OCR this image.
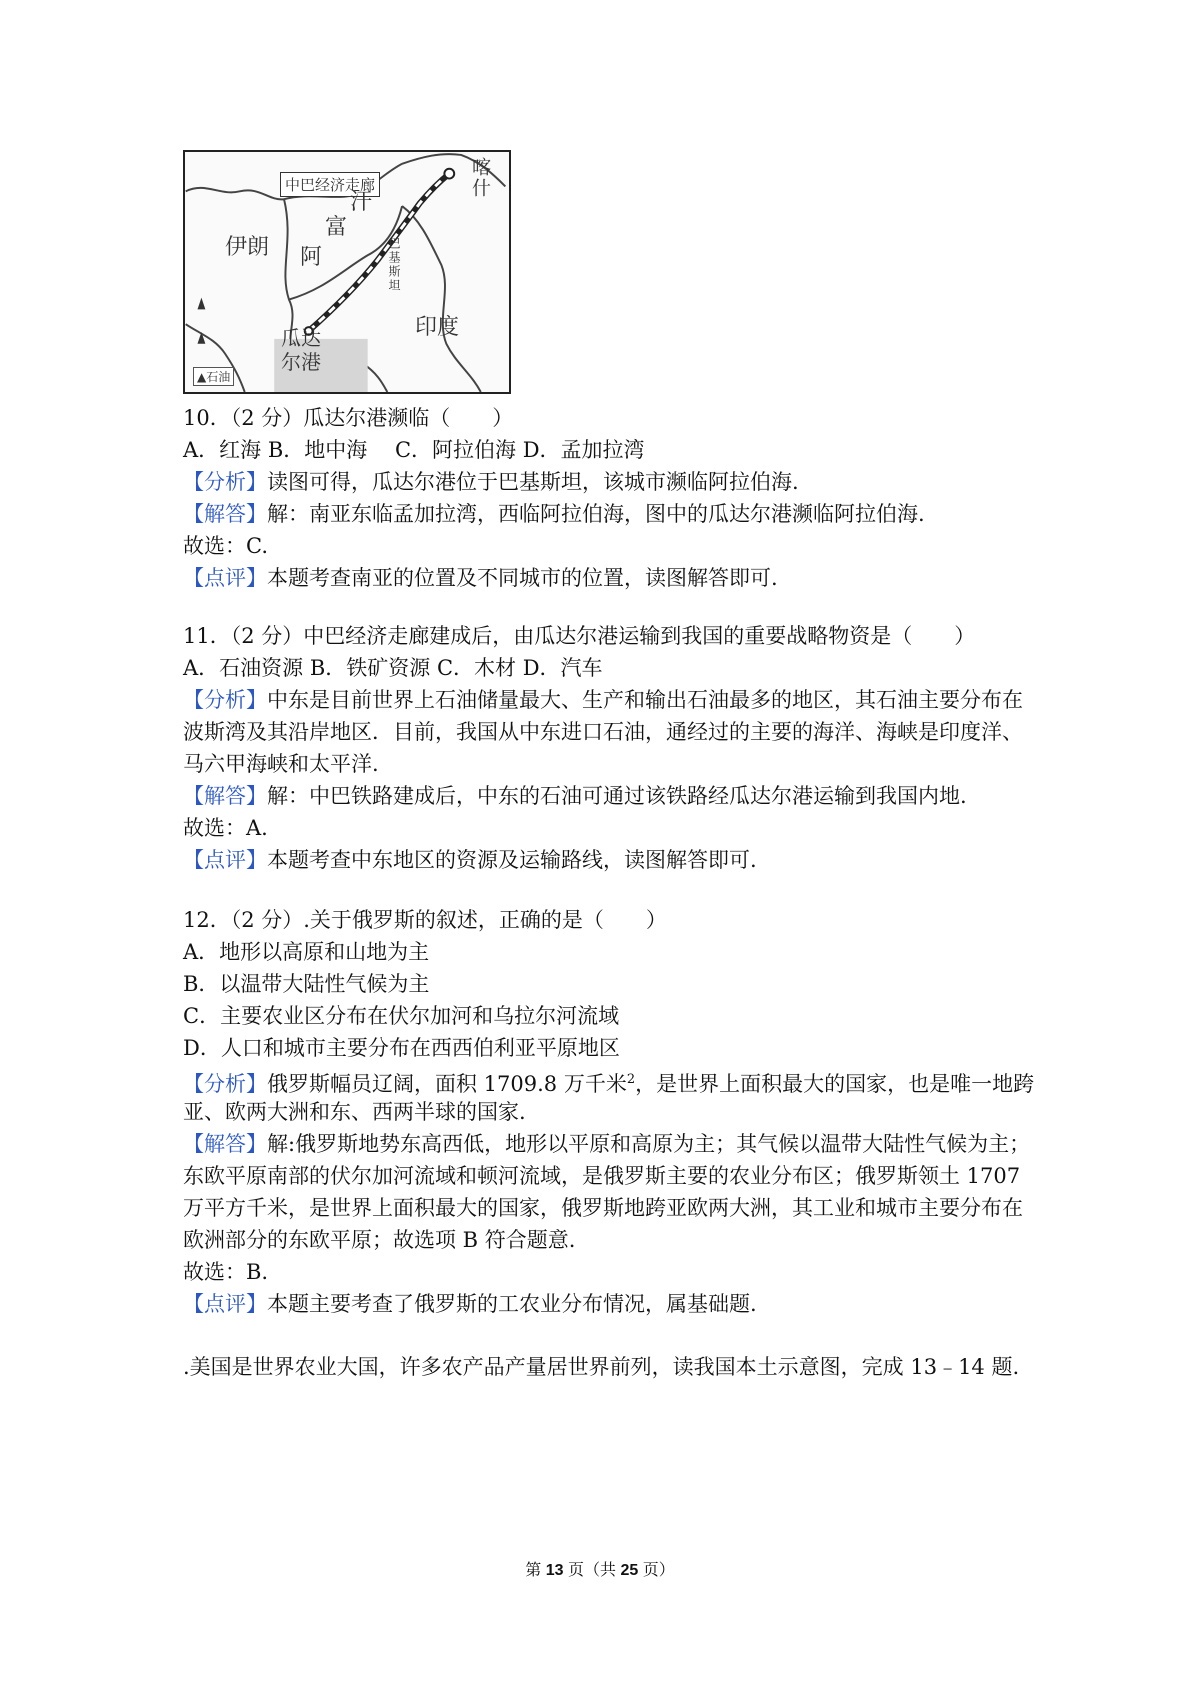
中巴经济走廊
伊朗 阿
富
汗
巴基斯坦
印度
喀什
瓜达
尔港
▲石油
10．（2 分）瓜达尔港濒临（　　）
A．红海 B．地中海　 C．阿拉伯海 D．孟加拉湾
【分析】读图可得，瓜达尔港位于巴基斯坦，该城市濒临阿拉伯海.
【解答】解：南亚东临孟加拉湾，西临阿拉伯海，图中的瓜达尔港濒临阿拉伯海.
故选：C.
【点评】本题考查南亚的位置及不同城市的位置，读图解答即可.
11．（2 分）中巴经济走廊建成后，由瓜达尔港运输到我国的重要战略物资是（　　）
A．石油资源 B．铁矿资源 C．木材 D．汽车
【分析】中东是目前世界上石油储量最大、生产和输出石油最多的地区，其石油主要分布在
波斯湾及其沿岸地区．目前，我国从中东进口石油，通经过的主要的海洋、海峡是印度洋、
马六甲海峡和太平洋.
【解答】解：中巴铁路建成后，中东的石油可通过该铁路经瓜达尔港运输到我国内地.
故选：A.
【点评】本题考查中东地区的资源及运输路线，读图解答即可.
12．（2 分）.关于俄罗斯的叙述，正确的是（　　）
A．地形以高原和山地为主
B．以温带大陆性气候为主
C．主要农业区分布在伏尔加河和乌拉尔河流域
D．人口和城市主要分布在西西伯利亚平原地区
【分析】俄罗斯幅员辽阔，面积 1709.8 万千米$^2$，是世界上面积最大的国家，也是唯一地跨
亚、欧两大洲和东、西两半球的国家.
【解答】解:俄罗斯地势东高西低，地形以平原和高原为主；其气候以温带大陆性气候为主；
东欧平原南部的伏尔加河流域和顿河流域，是俄罗斯主要的农业分布区；俄罗斯领土 1707
万平方千米，是世界上面积最大的国家，俄罗斯地跨亚欧两大洲，其工业和城市主要分布在
欧洲部分的东欧平原；故选项 B 符合题意.
故选：B.
【点评】本题主要考查了俄罗斯的工农业分布情况，属基础题.
.美国是世界农业大国，许多农产品产量居世界前列，读我国本土示意图，完成 13﹣14 题.
第 13 页（共 25 页）
